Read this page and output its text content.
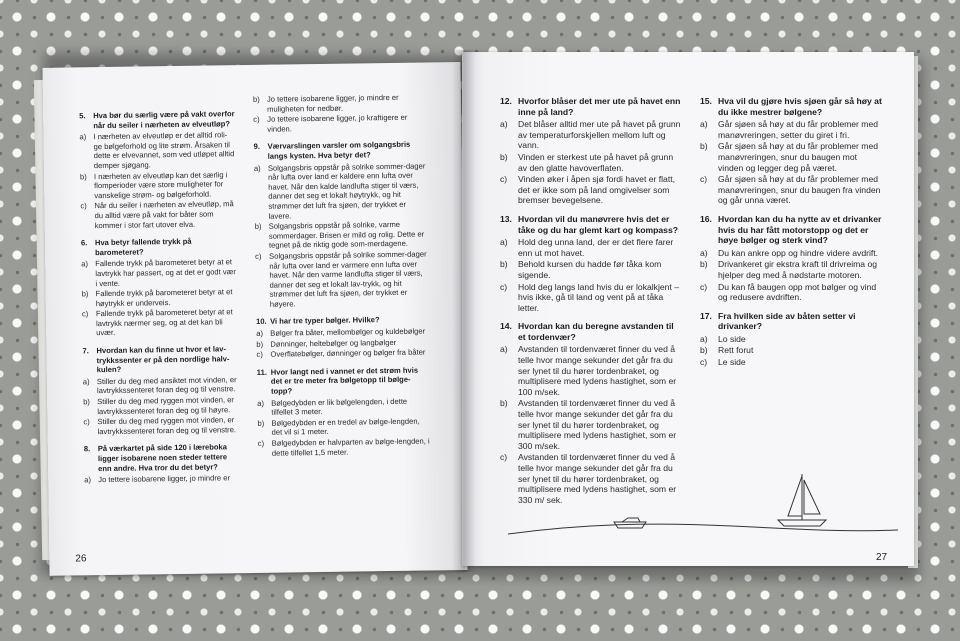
5. Hva bør du særlig være på vakt overfor når du seiler i nærheten av elveutløp?
a) I nærheten av elveutløp er det alltid roli-ge bølgeforhold og lite strøm. Årsaken til dette er elvevannet, som ved utløpet alltid demper sjøgang.
b) I nærheten av elveutløp kan det særlig i flomperioder være store muligheter for vanskelige strøm- og bølgeforhold.
c) Når du seiler i nærheten av elveutløp, må du alltid være på vakt for båter som kommer i stor fart utover elva.
6. Hva betyr fallende trykk på barometeret?
a) Fallende trykk på barometeret betyr at et lavtrykk har passert, og at det er godt vær i vente.
b) Fallende trykk på barometeret betyr at et høytrykk er underveis.
c) Fallende trykk på barometeret betyr at et lavtrykk nærmer seg, og at det kan bli uvær.
7. Hvordan kan du finne ut hvor et lav-trykkssenter er på den nordlige halv-kulen?
a) Stiller du deg med ansiktet mot vinden, er lavtrykkssenteret foran deg og til venstre.
b) Stiller du deg med ryggen mot vinden, er lavtrykkssenteret foran deg og til høyre.
c) Stiller du deg med ryggen mot vinden, er lavtrykkssenteret foran deg og til venstre.
8. På værkartet på side 120 i læreboka ligger isobarene noen steder tettere enn andre. Hva tror du det betyr?
a) Jo tettere isobarene ligger, jo mindre er
b) Jo tettere isobarene ligger, jo mindre er muligheten for nedbør.
c) Jo tettere isobarene ligger, jo kraftigere er vinden.
9. Værvarslingen varsler om solgangsbris langs kysten. Hva betyr det?
a) Solgangsbris oppstår på solrike sommer-dager når lufta over land er kaldere enn lufta over havet. Når den kalde landlufta stiger til værs, danner det seg et lokalt høytrykk, og hit strømmer det luft fra sjøen, der trykket er lavere.
b) Solgangsbris oppstår på solrike, varme sommerdager. Brisen er mild og rolig. Dette er tegnet på de riktig gode som-merdagene.
c) Solgangsbris oppstår på solrike sommer-dager når lufta over land er varmere enn lufta over havet. Når den varme landlufta stiger til værs, danner det seg et lokalt lav-trykk, og hit strømmer det luft fra sjøen, der trykket er høyere.
10. Vi har tre typer bølger. Hvilke?
a) Bølger fra båter, mellombølger og kuldebølger
b) Dønninger, heltebølger og langbølger
c) Overflatebølger, dønninger og bølger fra båter
11. Hvor langt ned i vannet er det strøm hvis det er tre meter fra bølgetopp til bølge-topp?
a) Bølgedybden er lik bølgelengden, i dette tilfellet 3 meter.
b) Bølgedybden er en tredel av bølge-lengden, det vil si 1 meter.
c) Bølgedybden er halvparten av bølge-lengden, i dette tilfellet 1,5 meter.
26
12. Hvorfor blåser det mer ute på havet enn inne på land?
a)	Det blåser alltid mer ute på havet på grunn av temperaturforskjellen mellom luft og vann.
b)	Vinden er sterkest ute på havet på grunn av den glatte havoverflaten.
c)	Vinden øker i åpen sjø fordi havet er flatt, det er ikke som på land omgivelser som bremser bevegelsene.
13. Hvordan vil du manøvrere hvis det er tåke og du har glemt kart og kompass?
a)	Hold deg unna land, der er det flere farer enn ut mot havet.
b)	Behold kursen du hadde før tåka kom sigende.
c)	Hold deg langs land hvis du er lokalkjent – hvis ikke, gå til land og vent på at tåka letter.
14. Hvordan kan du beregne avstanden til et tordenvær?
a)	Avstanden til tordenværet finner du ved å telle hvor mange sekunder det går fra du ser lynet til du hører tordenbraket, og multiplisere med lydens hastighet, som er 100 m/sek.
b)	Avstanden til tordenværet finner du ved å telle hvor mange sekunder det går fra du ser lynet til du hører tordenbraket, og multiplisere med lydens hastighet, som er 300 m/sek.
c)	Avstanden til tordenværet finner du ved å telle hvor mange sekunder det går fra du ser lynet til du hører tordenbraket, og multiplisere med lydens hastighet, som er 330 m/ sek.
15. Hva vil du gjøre hvis sjøen går så høy at du ikke mestrer bølgene?
a)	Går sjøen så høy at du får problemer med manøvreringen, setter du giret i fri.
b)	Går sjøen så høy at du får problemer med manøvreringen, snur du baugen mot vinden og legger deg på været.
c)	Går sjøen så høy at du får problemer med manøvreringen, snur du baugen fra vinden og går unna været.
16. Hvordan kan du ha nytte av et drivanker hvis du har fått motorstopp og det er høye bølger og sterk vind?
a)	Du kan ankre opp og hindre videre avdrift.
b)	Drivankeret gir ekstra kraft til drivreima og hjelper deg med å nødstarte motoren.
c)	Du kan få baugen opp mot bølger og vind og redusere avdriften.
17. Fra hvilken side av båten setter vi drivanker?
a)	Lo side
b)	Rett forut
c)	Le side
27
